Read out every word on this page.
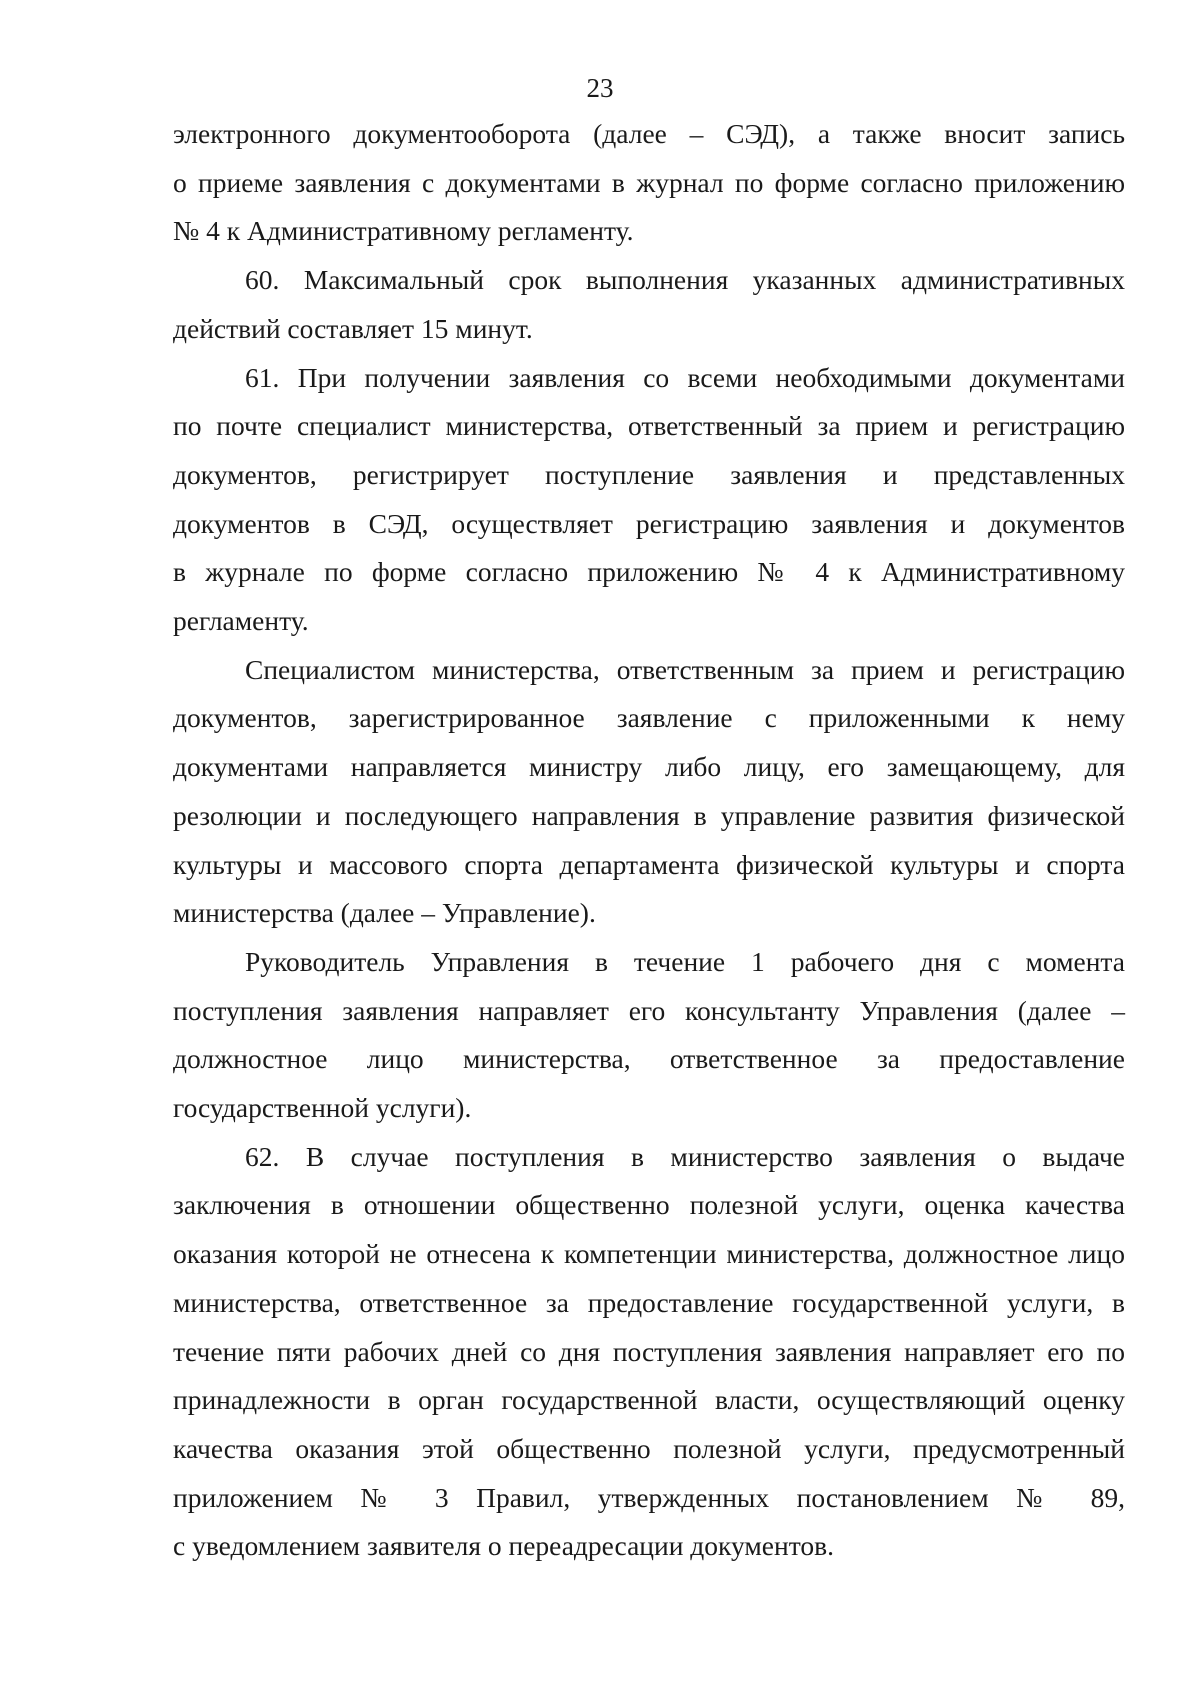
23

электронного документооборота (далее – СЭД), а также вносит запись
о приеме заявления с документами в журнал по форме согласно приложению
№ 4 к Административному регламенту.

60. Максимальный срок выполнения указанных административных
действий составляет 15 минут.

61. При получении заявления со всеми необходимыми документами
по почте специалист министерства, ответственный за прием и регистрацию
документов, регистрирует поступление заявления и представленных
документов в СЭД, осуществляет регистрацию заявления и документов
в журнале по форме согласно приложению № 4 к Административному
регламенту.

Специалистом министерства, ответственным за прием и регистрацию
документов, зарегистрированное заявление с приложенными к нему
документами направляется министру либо лицу, его замещающему, для
резолюции и последующего направления в управление развития физической
культуры и массового спорта департамента физической культуры и спорта
министерства (далее – Управление).

Руководитель Управления в течение 1 рабочего дня с момента
поступления заявления направляет его консультанту Управления (далее –
должностное лицо министерства, ответственное за предоставление
государственной услуги).

62. В случае поступления в министерство заявления о выдаче
заключения в отношении общественно полезной услуги, оценка качества
оказания которой не отнесена к компетенции министерства, должностное лицо
министерства, ответственное за предоставление государственной услуги, в
течение пяти рабочих дней со дня поступления заявления направляет его по
принадлежности в орган государственной власти, осуществляющий оценку
качества оказания этой общественно полезной услуги, предусмотренный
приложением № 3 Правил, утвержденных постановлением № 89,
с уведомлением заявителя о переадресации документов.
